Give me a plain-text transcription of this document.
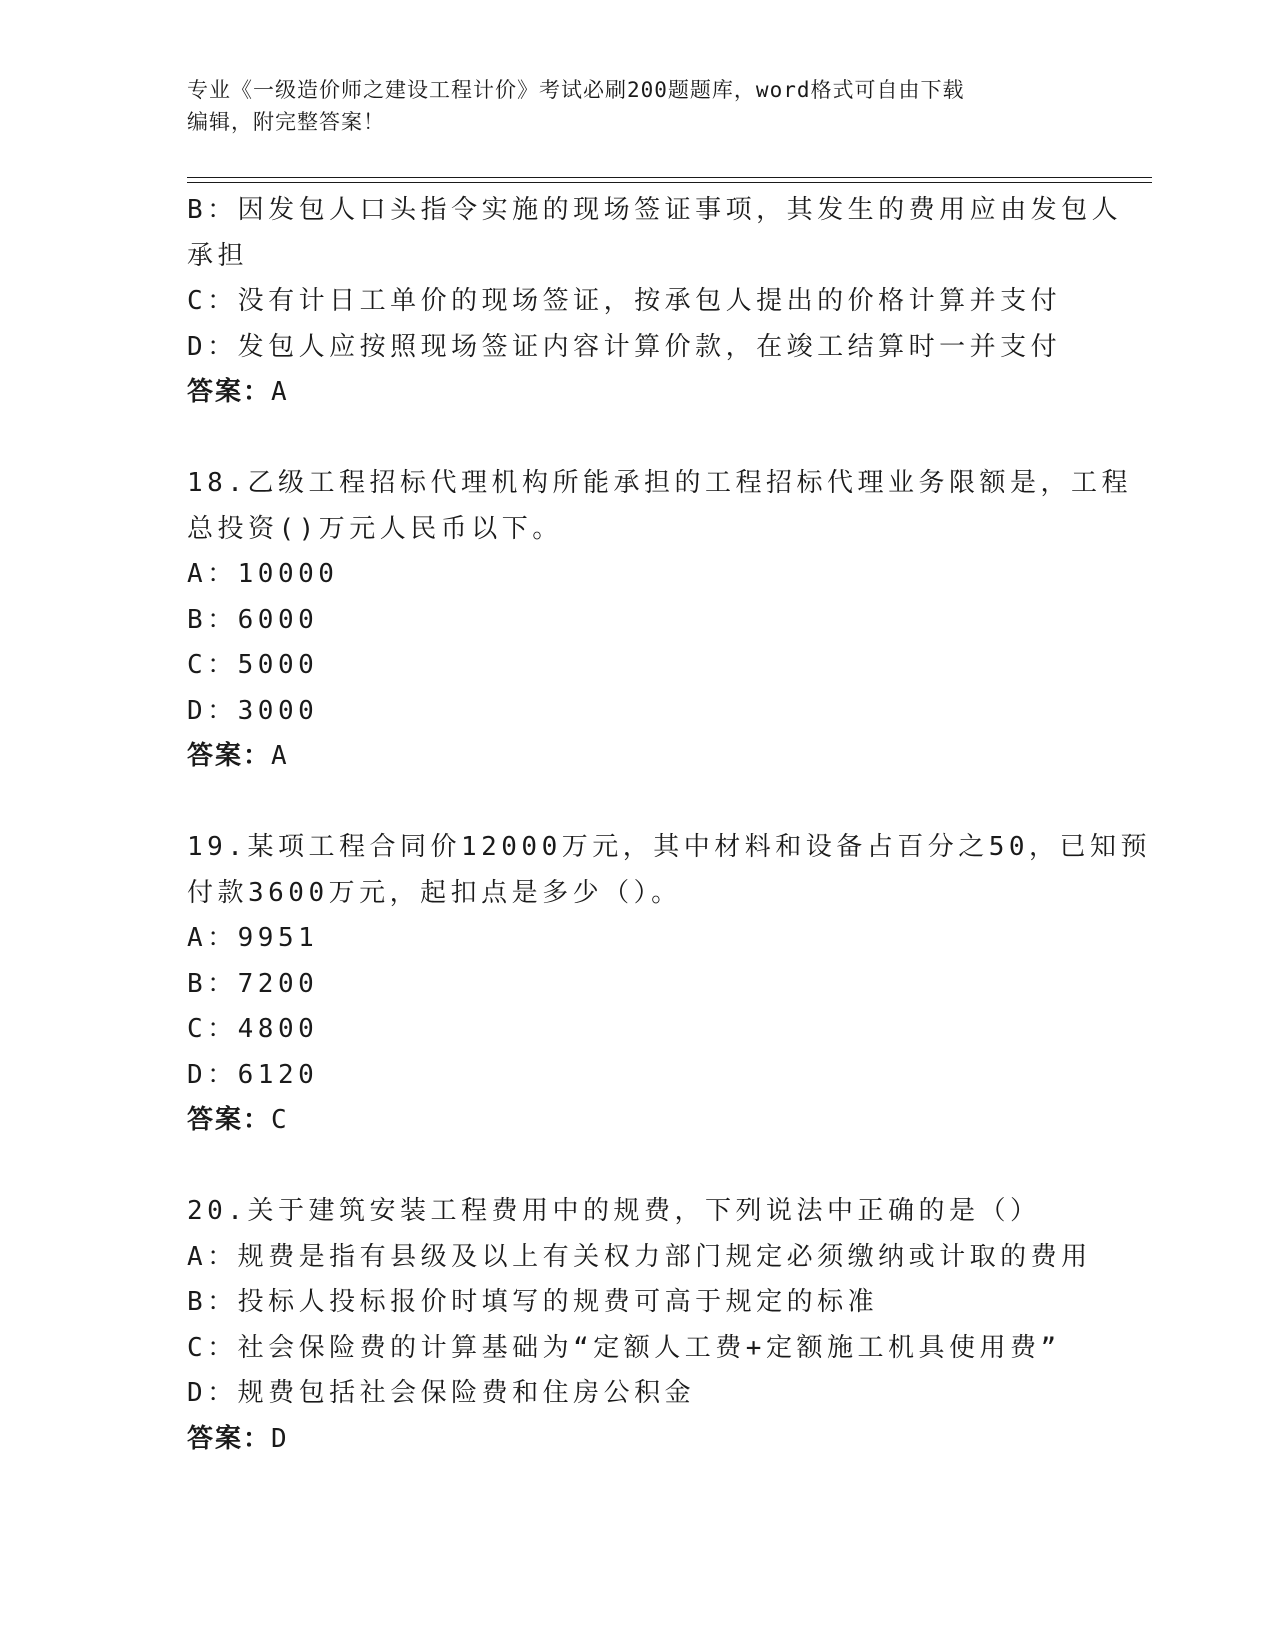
专业《一级造价师之建设工程计价》考试必刷200题题库，word格式可自由下载
编辑，附完整答案！
B：因发包人口头指令实施的现场签证事项，其发生的费用应由发包人
承担
C：没有计日工单价的现场签证，按承包人提出的价格计算并支付
D：发包人应按照现场签证内容计算价款，在竣工结算时一并支付
答案：A
18.乙级工程招标代理机构所能承担的工程招标代理业务限额是，工程
总投资()万元人民币以下。
A：10000
B：6000
C：5000
D：3000
答案：A
19.某项工程合同价12000万元，其中材料和设备占百分之50，已知预
付款3600万元，起扣点是多少（）。
A：9951
B：7200
C：4800
D：6120
答案：C
20.关于建筑安装工程费用中的规费，下列说法中正确的是（）
A：规费是指有县级及以上有关权力部门规定必须缴纳或计取的费用
B：投标人投标报价时填写的规费可高于规定的标准
C：社会保险费的计算基础为“定额人工费+定额施工机具使用费”
D：规费包括社会保险费和住房公积金
答案：D
